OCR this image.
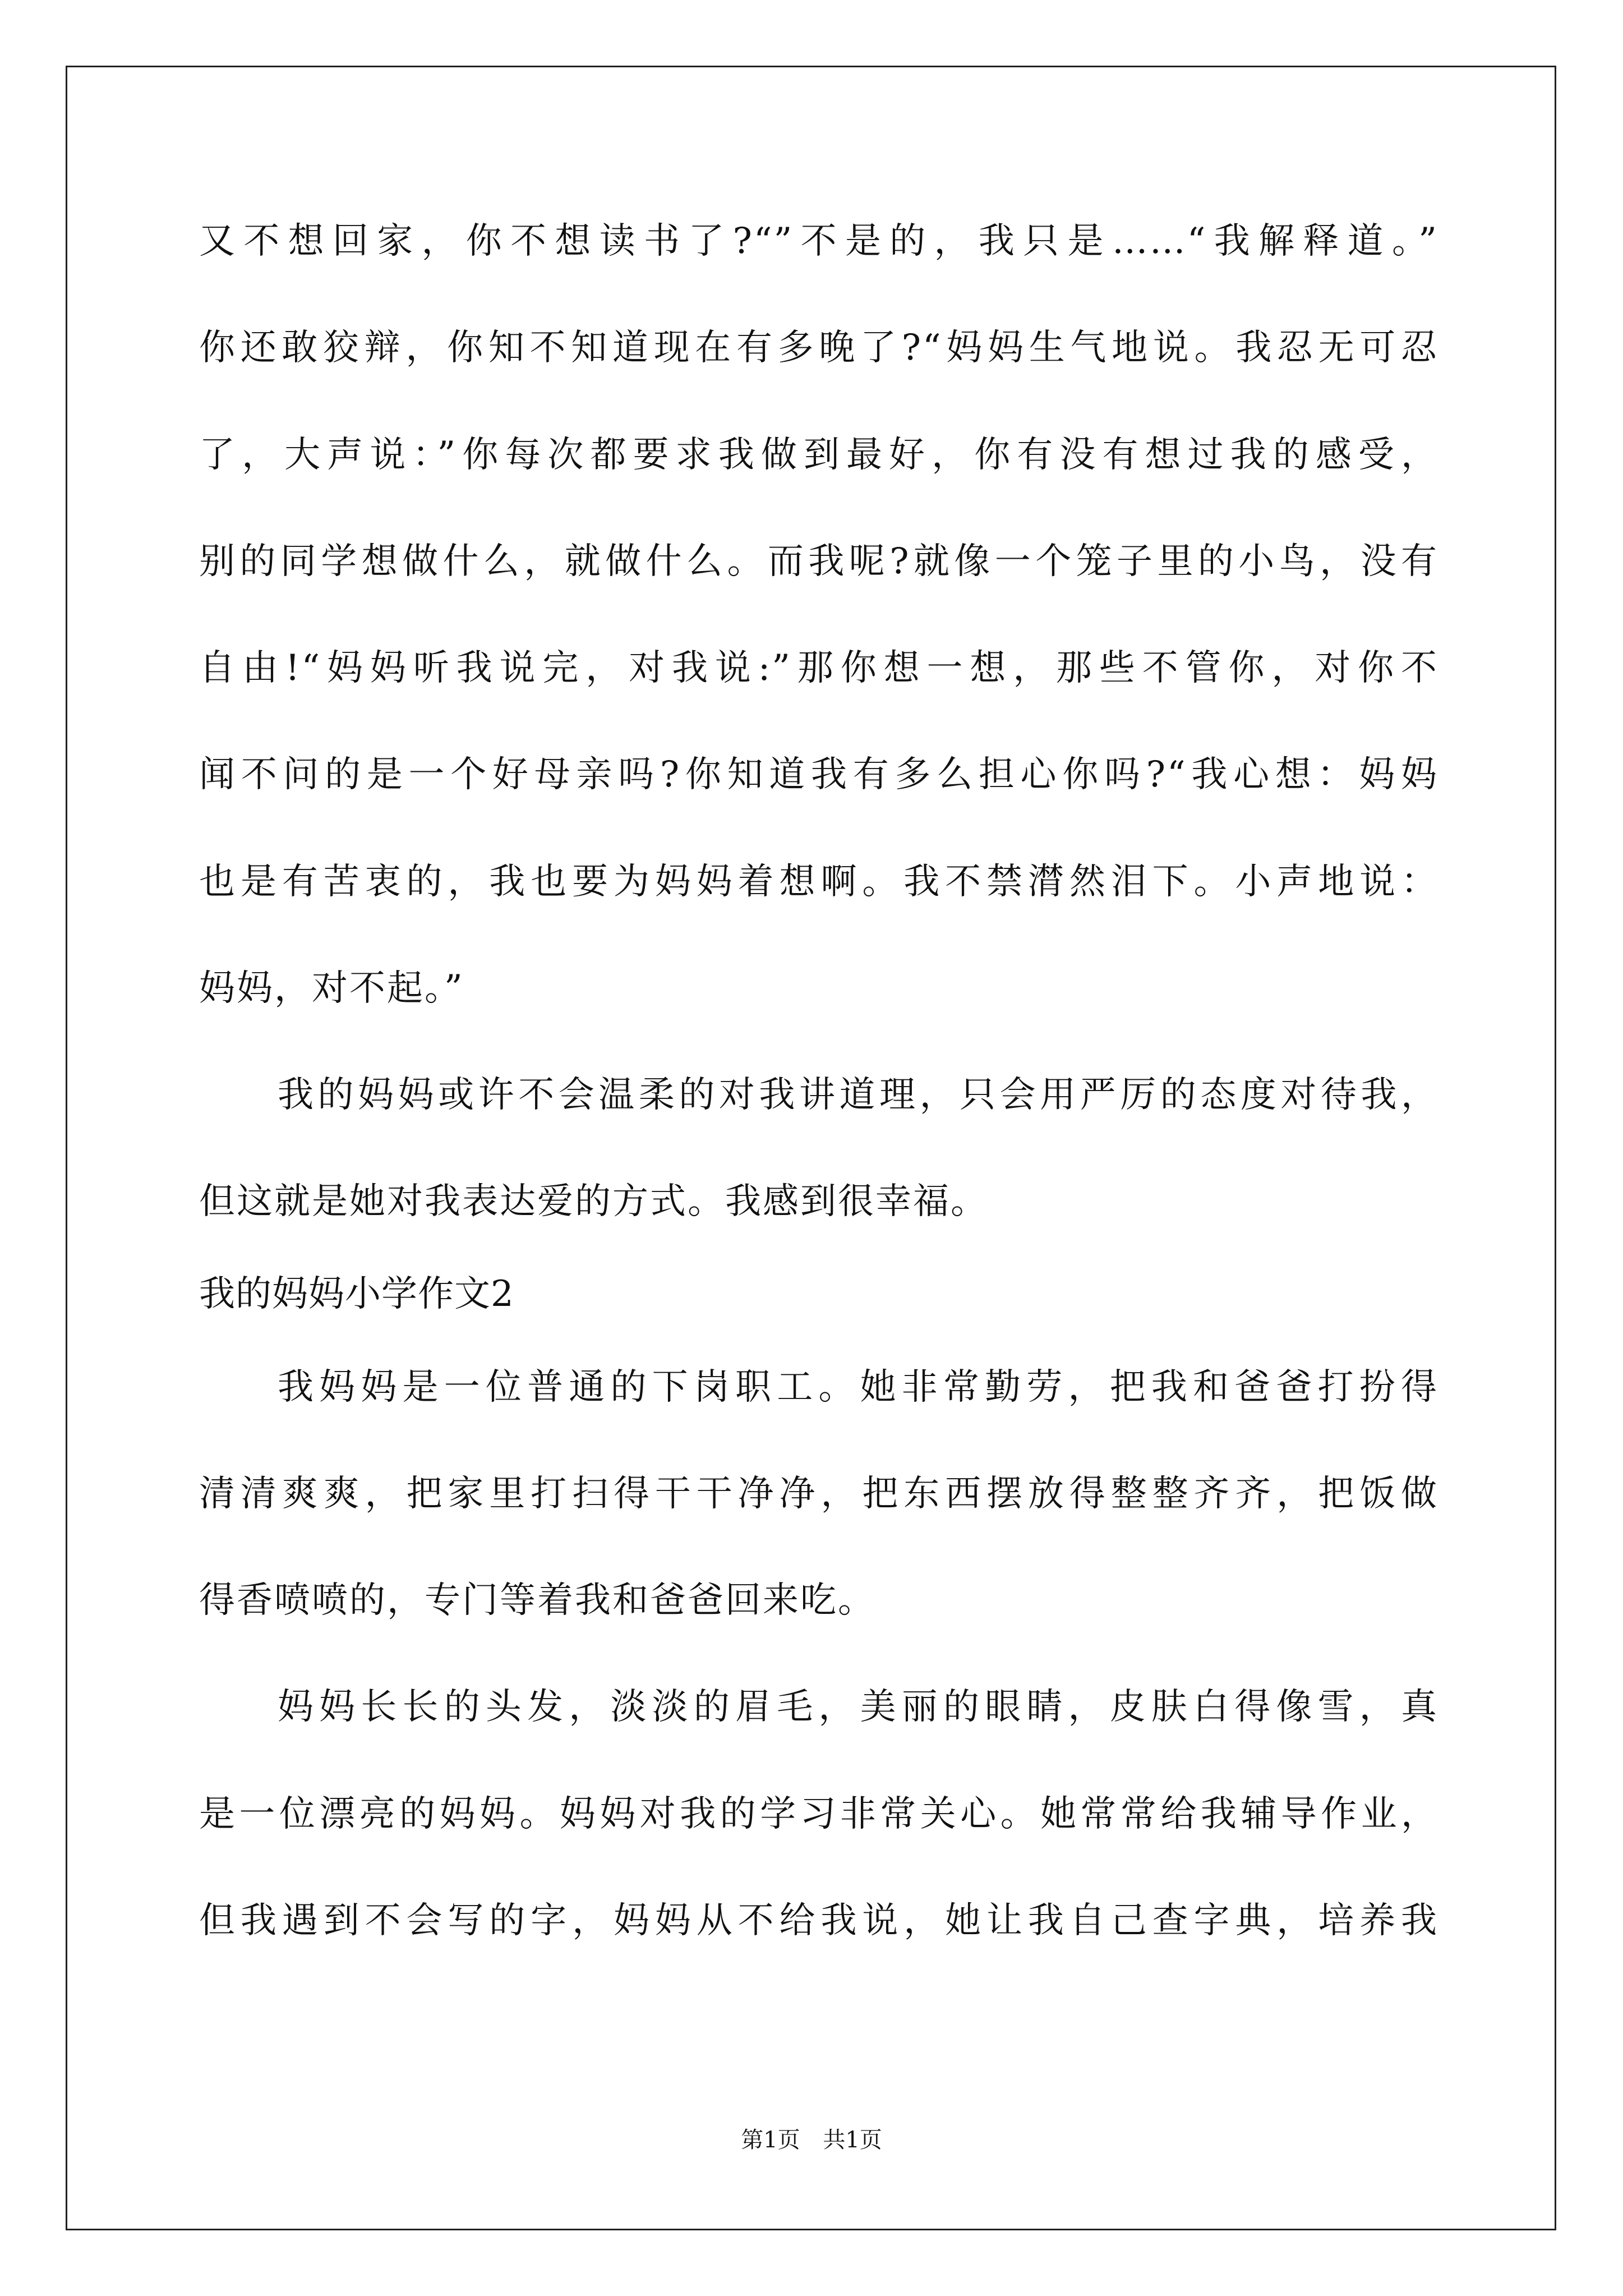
又不想回家，你不想读书了?“”不是的，我只是……“我解释道。”
你还敢狡辩，你知不知道现在有多晚了?“妈妈生气地说。我忍无可忍
了，大声说：”你每次都要求我做到最好，你有没有想过我的感受，
别的同学想做什么，就做什么。而我呢?就像一个笼子里的小鸟，没有
自由!“妈妈听我说完，对我说:”那你想一想，那些不管你，对你不
闻不问的是一个好母亲吗?你知道我有多么担心你吗?“我心想：妈妈
也是有苦衷的，我也要为妈妈着想啊。我不禁潸然泪下。小声地说：
妈妈，对不起。”
我的妈妈或许不会温柔的对我讲道理，只会用严厉的态度对待我，
但这就是她对我表达爱的方式。我感到很幸福。
我的妈妈小学作文2
我妈妈是一位普通的下岗职工。她非常勤劳，把我和爸爸打扮得
清清爽爽，把家里打扫得干干净净，把东西摆放得整整齐齐，把饭做
得香喷喷的，专门等着我和爸爸回来吃。
妈妈长长的头发，淡淡的眉毛，美丽的眼睛，皮肤白得像雪，真
是一位漂亮的妈妈。妈妈对我的学习非常关心。她常常给我辅导作业，
但我遇到不会写的字，妈妈从不给我说，她让我自己查字典，培养我
第1页 共1页
